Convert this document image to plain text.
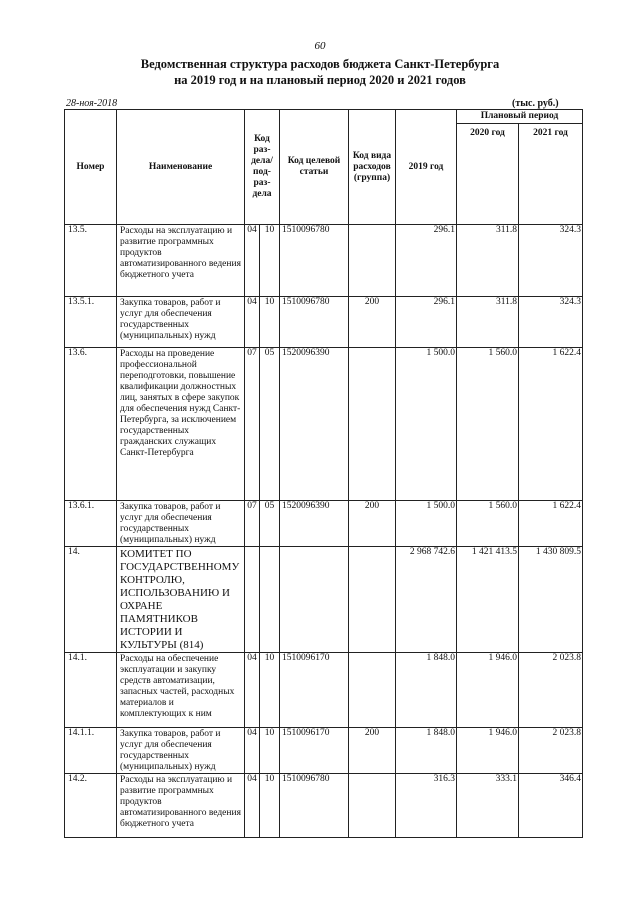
60
Ведомственная структура расходов бюджета Санкт-Петербурга
на 2019 год и на плановый период 2020 и 2021 годов
28-ноя-2018	(тыс. руб.)
Номер	Наименование	Код раз-дела/ под-раз-дела		Код целевой статьи	Код вида расходов (группа)	2019 год	Плановый период	
							2020 год	2021 год
13.5.	Расходы на эксплуатацию и развитие программных продуктов автоматизированного ведения бюджетного учета	04	10	1510096780		296.1	311.8	324.3
13.5.1.	Закупка товаров, работ и услуг для обеспечения государственных (муниципальных) нужд	04	10	1510096780	200	296.1	311.8	324.3
13.6.	Расходы на проведение профессиональной переподготовки, повышение квалификации должностных лиц, занятых в сфере закупок для обеспечения нужд Санкт-Петербурга, за исключением государственных гражданских служащих Санкт-Петербурга	07	05	1520096390		1 500.0	1 560.0	1 622.4
13.6.1.	Закупка товаров, работ и услуг для обеспечения государственных (муниципальных) нужд	07	05	1520096390	200	1 500.0	1 560.0	1 622.4
14.	КОМИТЕТ ПО ГОСУДАРСТВЕННОМУ КОНТРОЛЮ, ИСПОЛЬЗОВАНИЮ И ОХРАНЕ ПАМЯТНИКОВ ИСТОРИИ И КУЛЬТУРЫ (814)					2 968 742.6	1 421 413.5	1 430 809.5
14.1.	Расходы на обеспечение эксплуатации и закупку средств автоматизации, запасных частей, расходных материалов и комплектующих к ним	04	10	1510096170		1 848.0	1 946.0	2 023.8
14.1.1.	Закупка товаров, работ и услуг для обеспечения государственных (муниципальных) нужд	04	10	1510096170	200	1 848.0	1 946.0	2 023.8
14.2.	Расходы на эксплуатацию и развитие программных продуктов автоматизированного ведения бюджетного учета	04	10	1510096780		316.3	333.1	346.4
